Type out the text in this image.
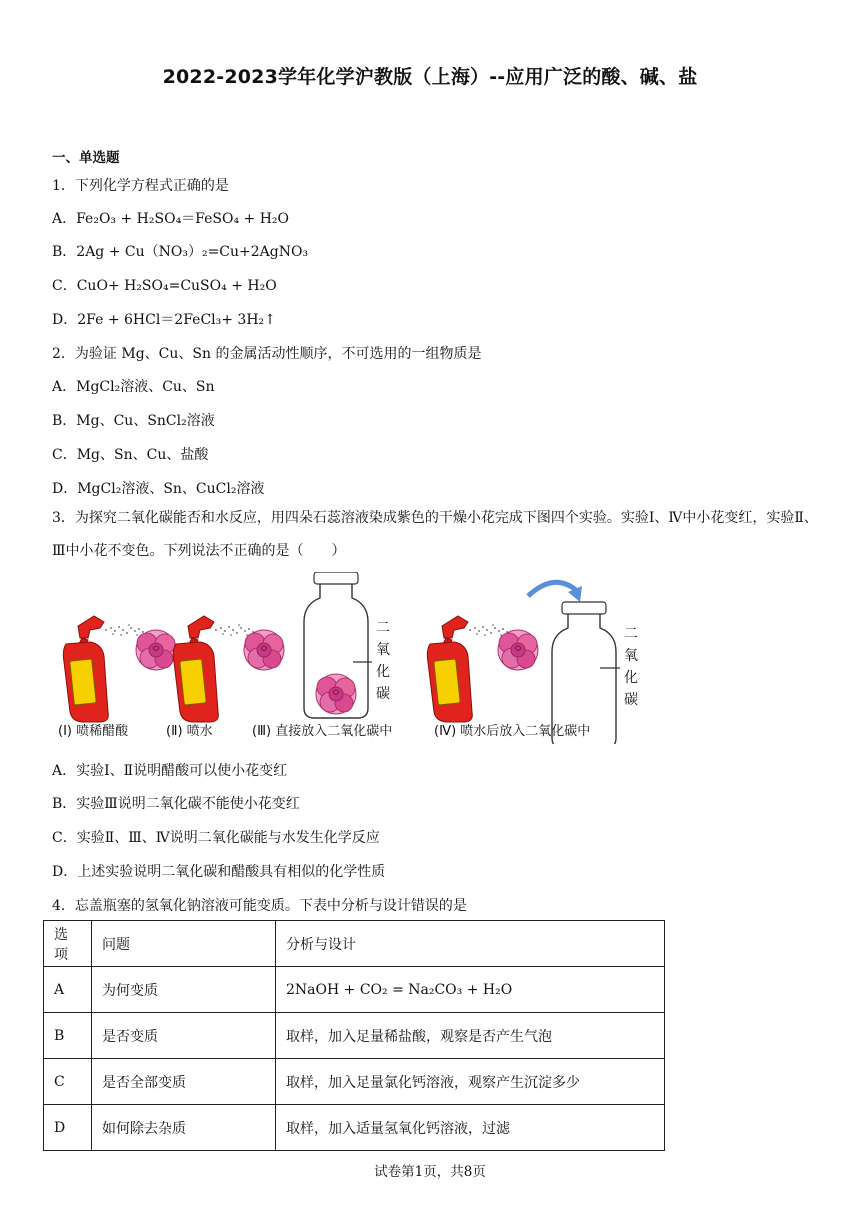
2022-2023学年化学沪教版（上海）--应用广泛的酸、碱、盐
一、单选题
1．下列化学方程式正确的是
A．Fe₂O₃ + H₂SO₄＝FeSO₄ + H₂O
B．2Ag + Cu（NO₃）₂=Cu+2AgNO₃
C．CuO+ H₂SO₄=CuSO₄ + H₂O
D．2Fe + 6HCl＝2FeCl₃+ 3H₂↑
2．为验证 Mg、Cu、Sn 的金属活动性顺序，不可选用的一组物质是
A．MgCl₂溶液、Cu、Sn
B．Mg、Cu、SnCl₂溶液
C．Mg、Sn、Cu、盐酸
D．MgCl₂溶液、Sn、CuCl₂溶液
3．为探究二氧化碳能否和水反应，用四朵石蕊溶液染成紫色的干燥小花完成下图四个实验。实验Ⅰ、Ⅳ中小花变红，实验Ⅱ、Ⅲ中小花不变色。下列说法不正确的是（　　）
二
氧
化
碳
二
氧
化
碳
(Ⅰ) 喷稀醋酸	(Ⅱ) 喷水	(Ⅲ) 直接放入二氧化碳中	(Ⅳ) 喷水后放入二氧化碳中
A．实验Ⅰ、Ⅱ说明醋酸可以使小花变红
B．实验Ⅲ说明二氧化碳不能使小花变红
C．实验Ⅱ、Ⅲ、Ⅳ说明二氧化碳能与水发生化学反应
D．上述实验说明二氧化碳和醋酸具有相似的化学性质
4．忘盖瓶塞的氢氧化钠溶液可能变质。下表中分析与设计错误的是
选项	问题	分析与设计
A	为何变质	2NaOH + CO₂ = Na₂CO₃ + H₂O
B	是否变质	取样，加入足量稀盐酸，观察是否产生气泡
C	是否全部变质	取样，加入足量氯化钙溶液，观察产生沉淀多少
D	如何除去杂质	取样，加入适量氢氧化钙溶液，过滤
试卷第1页，共8页
